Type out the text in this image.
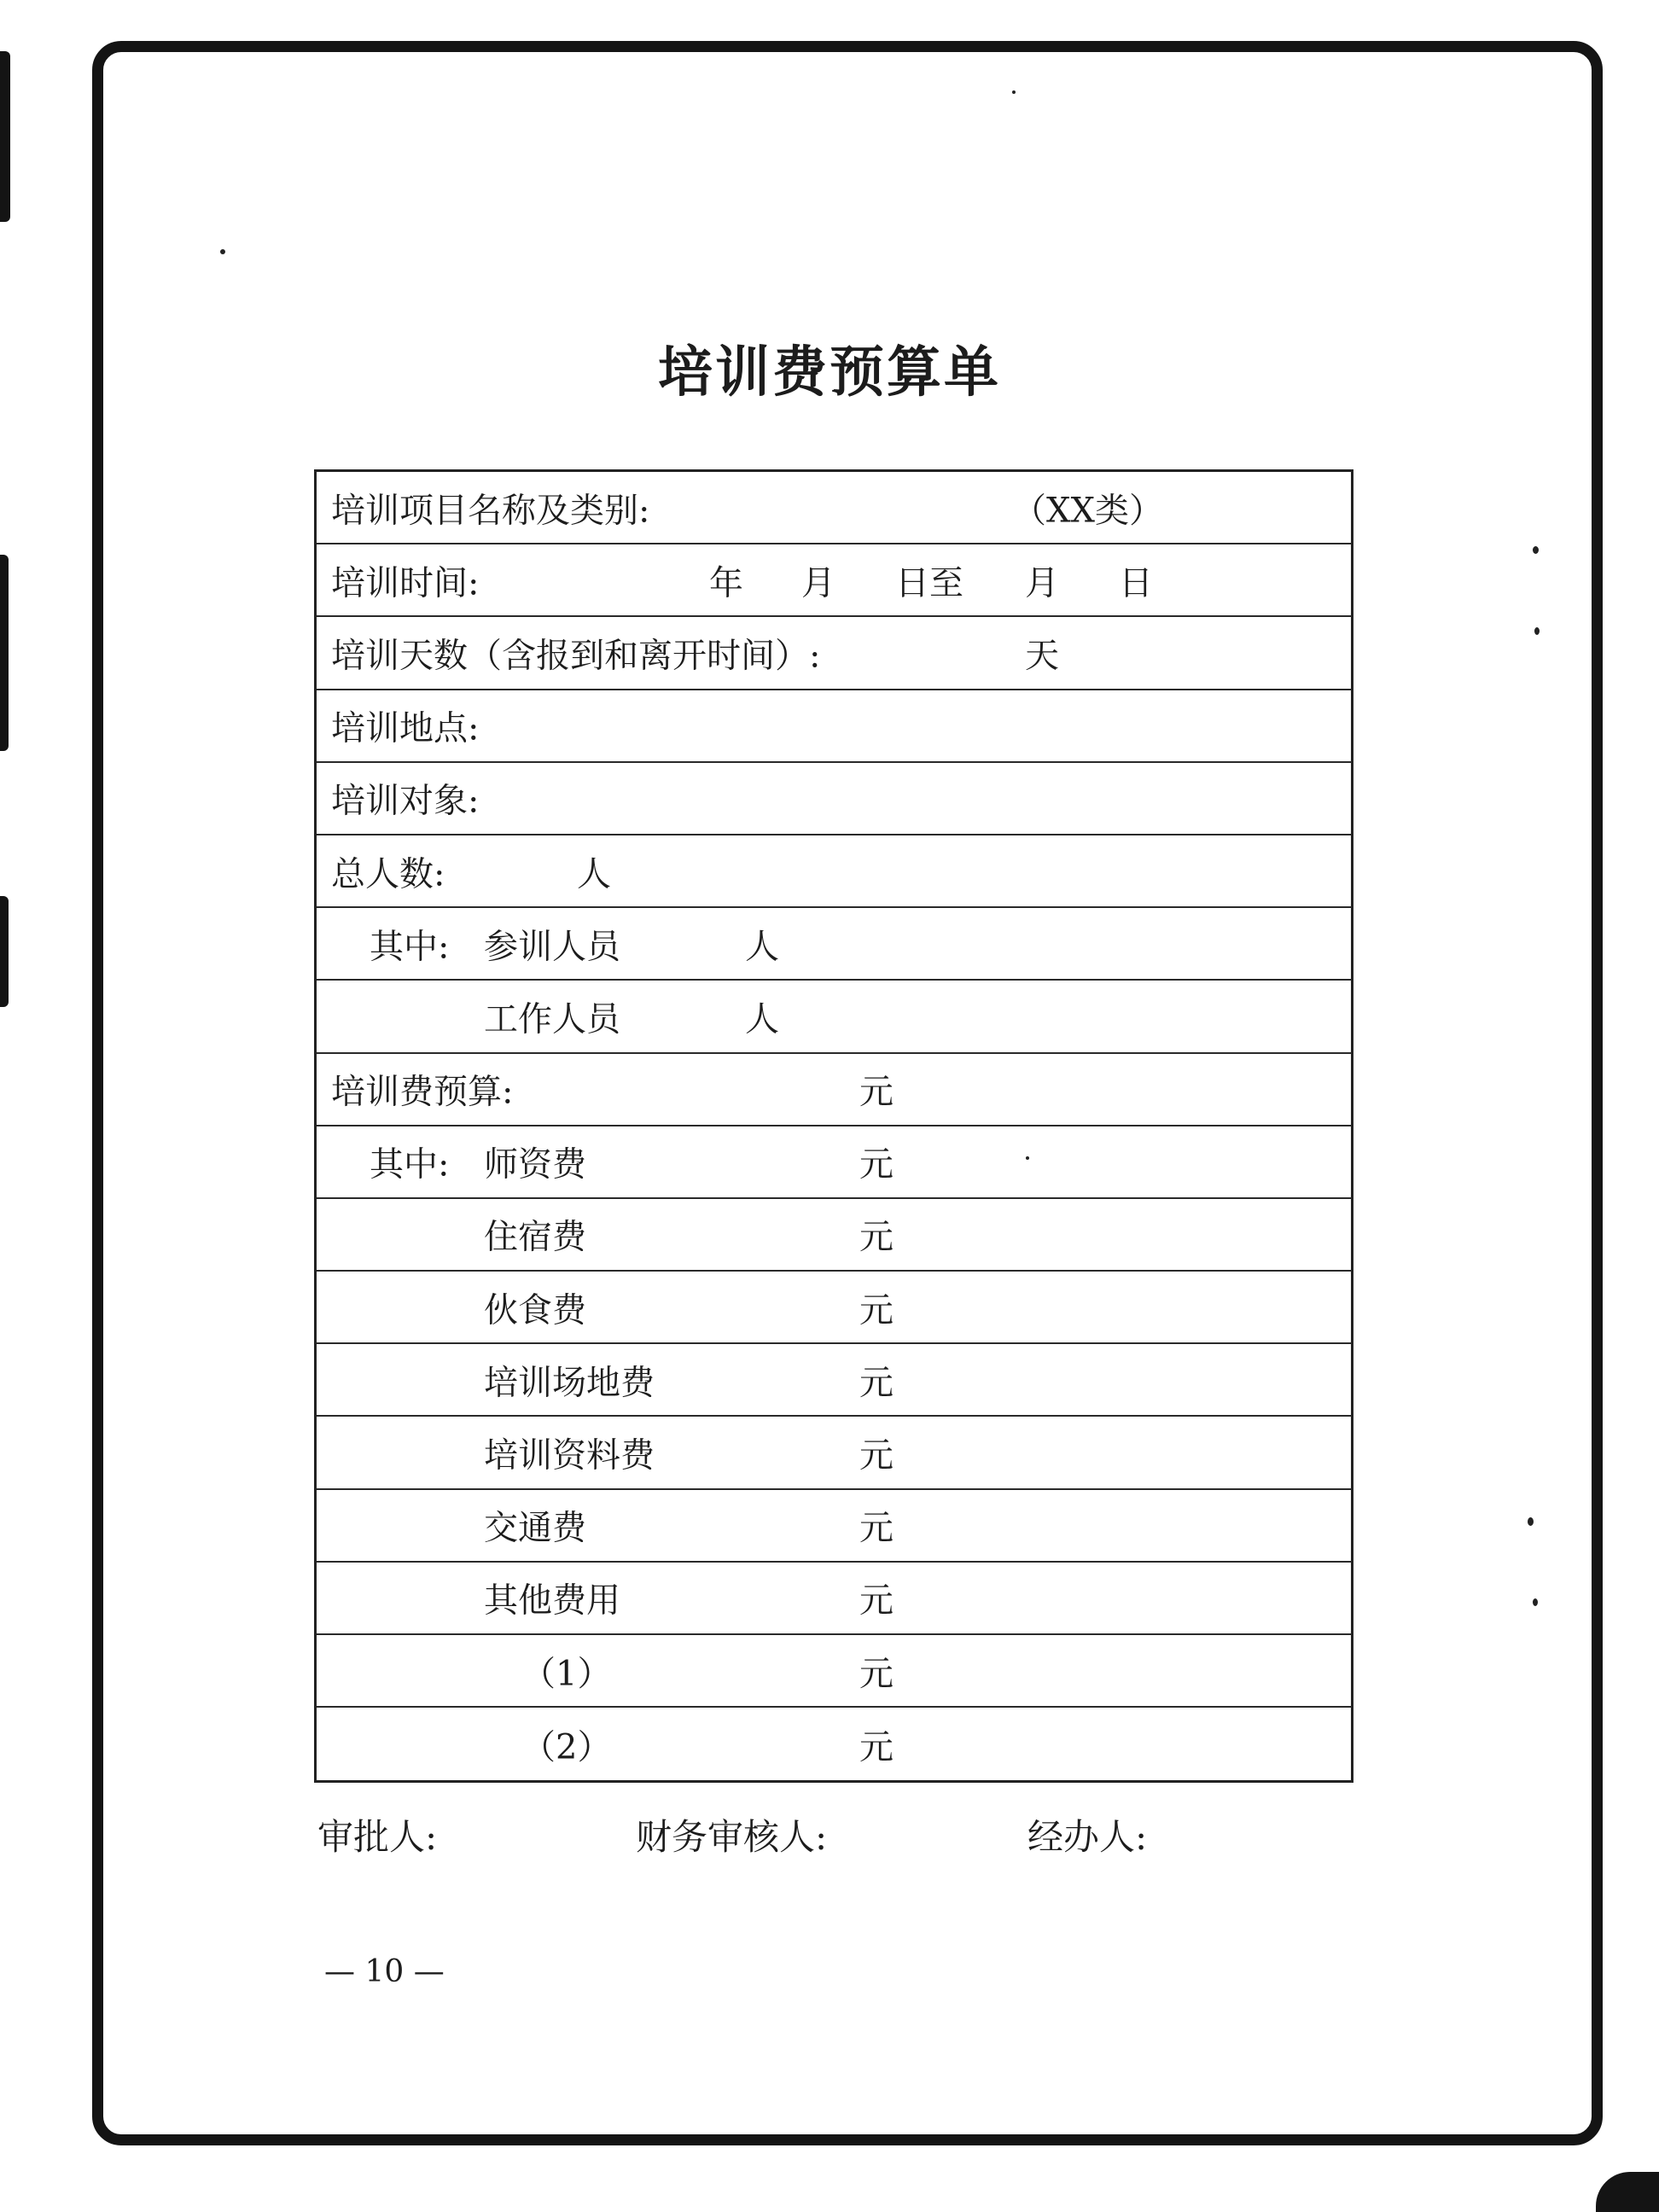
培训费预算单
培训项目名称及类别:	（XX类）
培训时间:	年 月 日至 月 日
培训天数（含报到和离开时间）:	天
培训地点:
培训对象:
总人数:	人
其中: 参训人员	人
工作人员	人
培训费预算:	元
其中: 师资费	元
住宿费	元
伙食费	元
培训场地费	元
培训资料费	元
交通费	元
其他费用	元
（1）	元
（2）	元
审批人:	财务审核人:	经办人:
— 10 —
